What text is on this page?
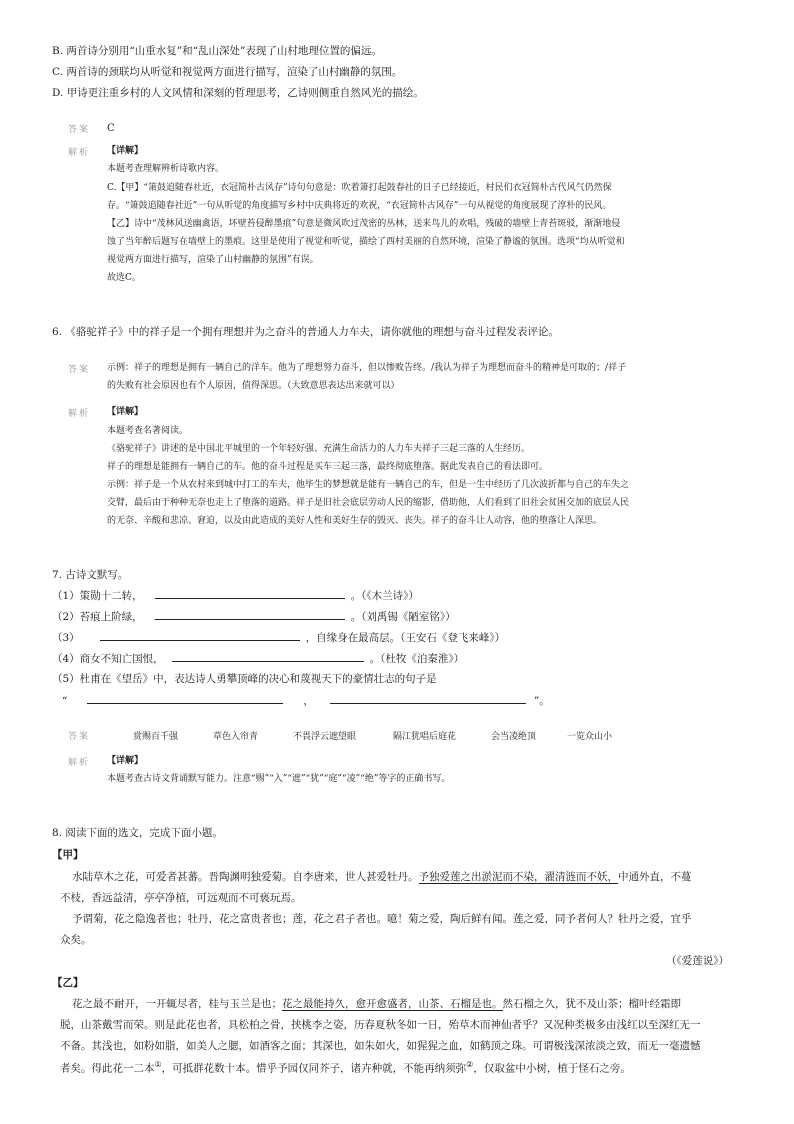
B. 两首诗分别用“山重水复”和“乱山深处”表现了山村地理位置的偏远。
C. 两首诗的颈联均从听觉和视觉两方面进行描写，渲染了山村幽静的氛围。
D. 甲诗更注重乡村的人文风情和深刻的哲理思考，乙诗则侧重自然风光的描绘。
答案 C
解析 【详解】
本题考查理解辨析诗歌内容。
C.【甲】“箫鼓追随春社近，衣冠简朴古风存”诗句句意是：吹着箫打起鼓春社的日子已经接近，村民们衣冠简朴古代风气仍然保
存。“箫鼓追随春社近”一句从听觉的角度描写乡村中庆典将近的欢祝，“衣冠简朴古风存”一句从视觉的角度展现了淳朴的民风。
【乙】诗中“茂林风送幽禽语，坏壁苔侵醉墨痕”句意是微风吹过茂密的丛林，送来鸟儿的欢唱，残破的墙壁上青苔斑驳，渐渐地侵
蚀了当年醉后题写在墙壁上的墨痕。这里是使用了视觉和听觉，描绘了西村美丽的自然环境，渲染了静谧的氛围。选项“均从听觉和
视觉两方面进行描写，渲染了山村幽静的氛围”有误。
故选C。
6. 《骆驼祥子》中的祥子是一个拥有理想并为之奋斗的普通人力车夫，请你就他的理想与奋斗过程发表评论。
答案 示例：祥子的理想是拥有一辆自己的洋车。他为了理想努力奋斗，但以惨败告终。/我认为祥子为理想而奋斗的精神是可取的；/祥子
的失败有社会原因也有个人原因，值得深思。（大致意思表达出来就可以）
解析 【详解】
本题考查名著阅读。
《骆驼祥子》讲述的是中国北平城里的一个年轻好强、充满生命活力的人力车夫祥子三起三落的人生经历。
祥子的理想是能拥有一辆自己的车。他的奋斗过程是买车三起三落，最终彻底堕落。据此发表自己的看法即可。
示例：祥子是一个从农村来到城中打工的车夫，他毕生的梦想就是能有一辆自己的车，但是一生中经历了几次波折都与自己的车失之
交臂，最后由于种种无奈也走上了堕落的道路。祥子是旧社会底层劳动人民的缩影，借助他，人们看到了旧社会贫困交加的底层人民
的无奈、辛酸和悲凉、窘迫，以及由此造成的美好人性和美好生存的毁灭、丧失。祥子的奋斗让人动容，他的堕落让人深思。
7. 古诗文默写。
（1）策勋十二转，	。（《木兰诗》）
（2）苔痕上阶绿，	。（刘禹锡《陋室铭》）
（3）	，自缘身在最高层。（王安石《登飞来峰》）
（4）商女不知亡国恨，	。（杜牧《泊秦淮》）
（5）杜甫在《望岳》中，表达诗人勇攀顶峰的决心和蔑视天下的豪情壮志的句子是
“	，	”。
答案	赏赐百千强	草色入帘青	不畏浮云遮望眼	隔江犹唱后庭花	会当凌绝顶	一览众山小
解析 【详解】
本题考查古诗文背诵默写能力。注意“赐”“入”“遮”“犹”“庭”“凌”“绝”等字的正确书写。
8. 阅读下面的选文，完成下面小题。
【甲】
水陆草木之花，可爱者甚蕃。晋陶渊明独爱菊。自李唐来，世人甚爱牡丹。予独爱莲之出淤泥而不染，濯清涟而不妖，中通外直，不蔓
不枝，香远益清，亭亭净植，可远观而不可亵玩焉。
予谓菊，花之隐逸者也；牡丹，花之富贵者也；莲，花之君子者也。噫！菊之爱，陶后鲜有闻。莲之爱，同予者何人？牡丹之爱，宜乎
众矣。
（《爱莲说》）
【乙】
花之最不耐开，一开辄尽者，桂与玉兰是也；花之最能持久，愈开愈盛者，山茶、石榴是也。然石榴之久，犹不及山茶；榴叶经霜即
脱，山茶戴雪而荣。则是此花也者，具松柏之骨，挟桃李之姿，历春夏秋冬如一日，殆草木而神仙者乎？又况种类极多由浅红以至深红无一
不备。其浅也，如粉如脂，如美人之腮，如酒客之面；其深也，如朱如火，如猩猩之血，如鹤顶之珠。可谓极浅深浓淡之致，而无一毫遗憾
者矣。得此花一二本①，可抵群花数十本。惜乎予园仅同芥子，诸卉种就，不能再纳须弥②，仅取盆中小树，植于怪石之旁。
